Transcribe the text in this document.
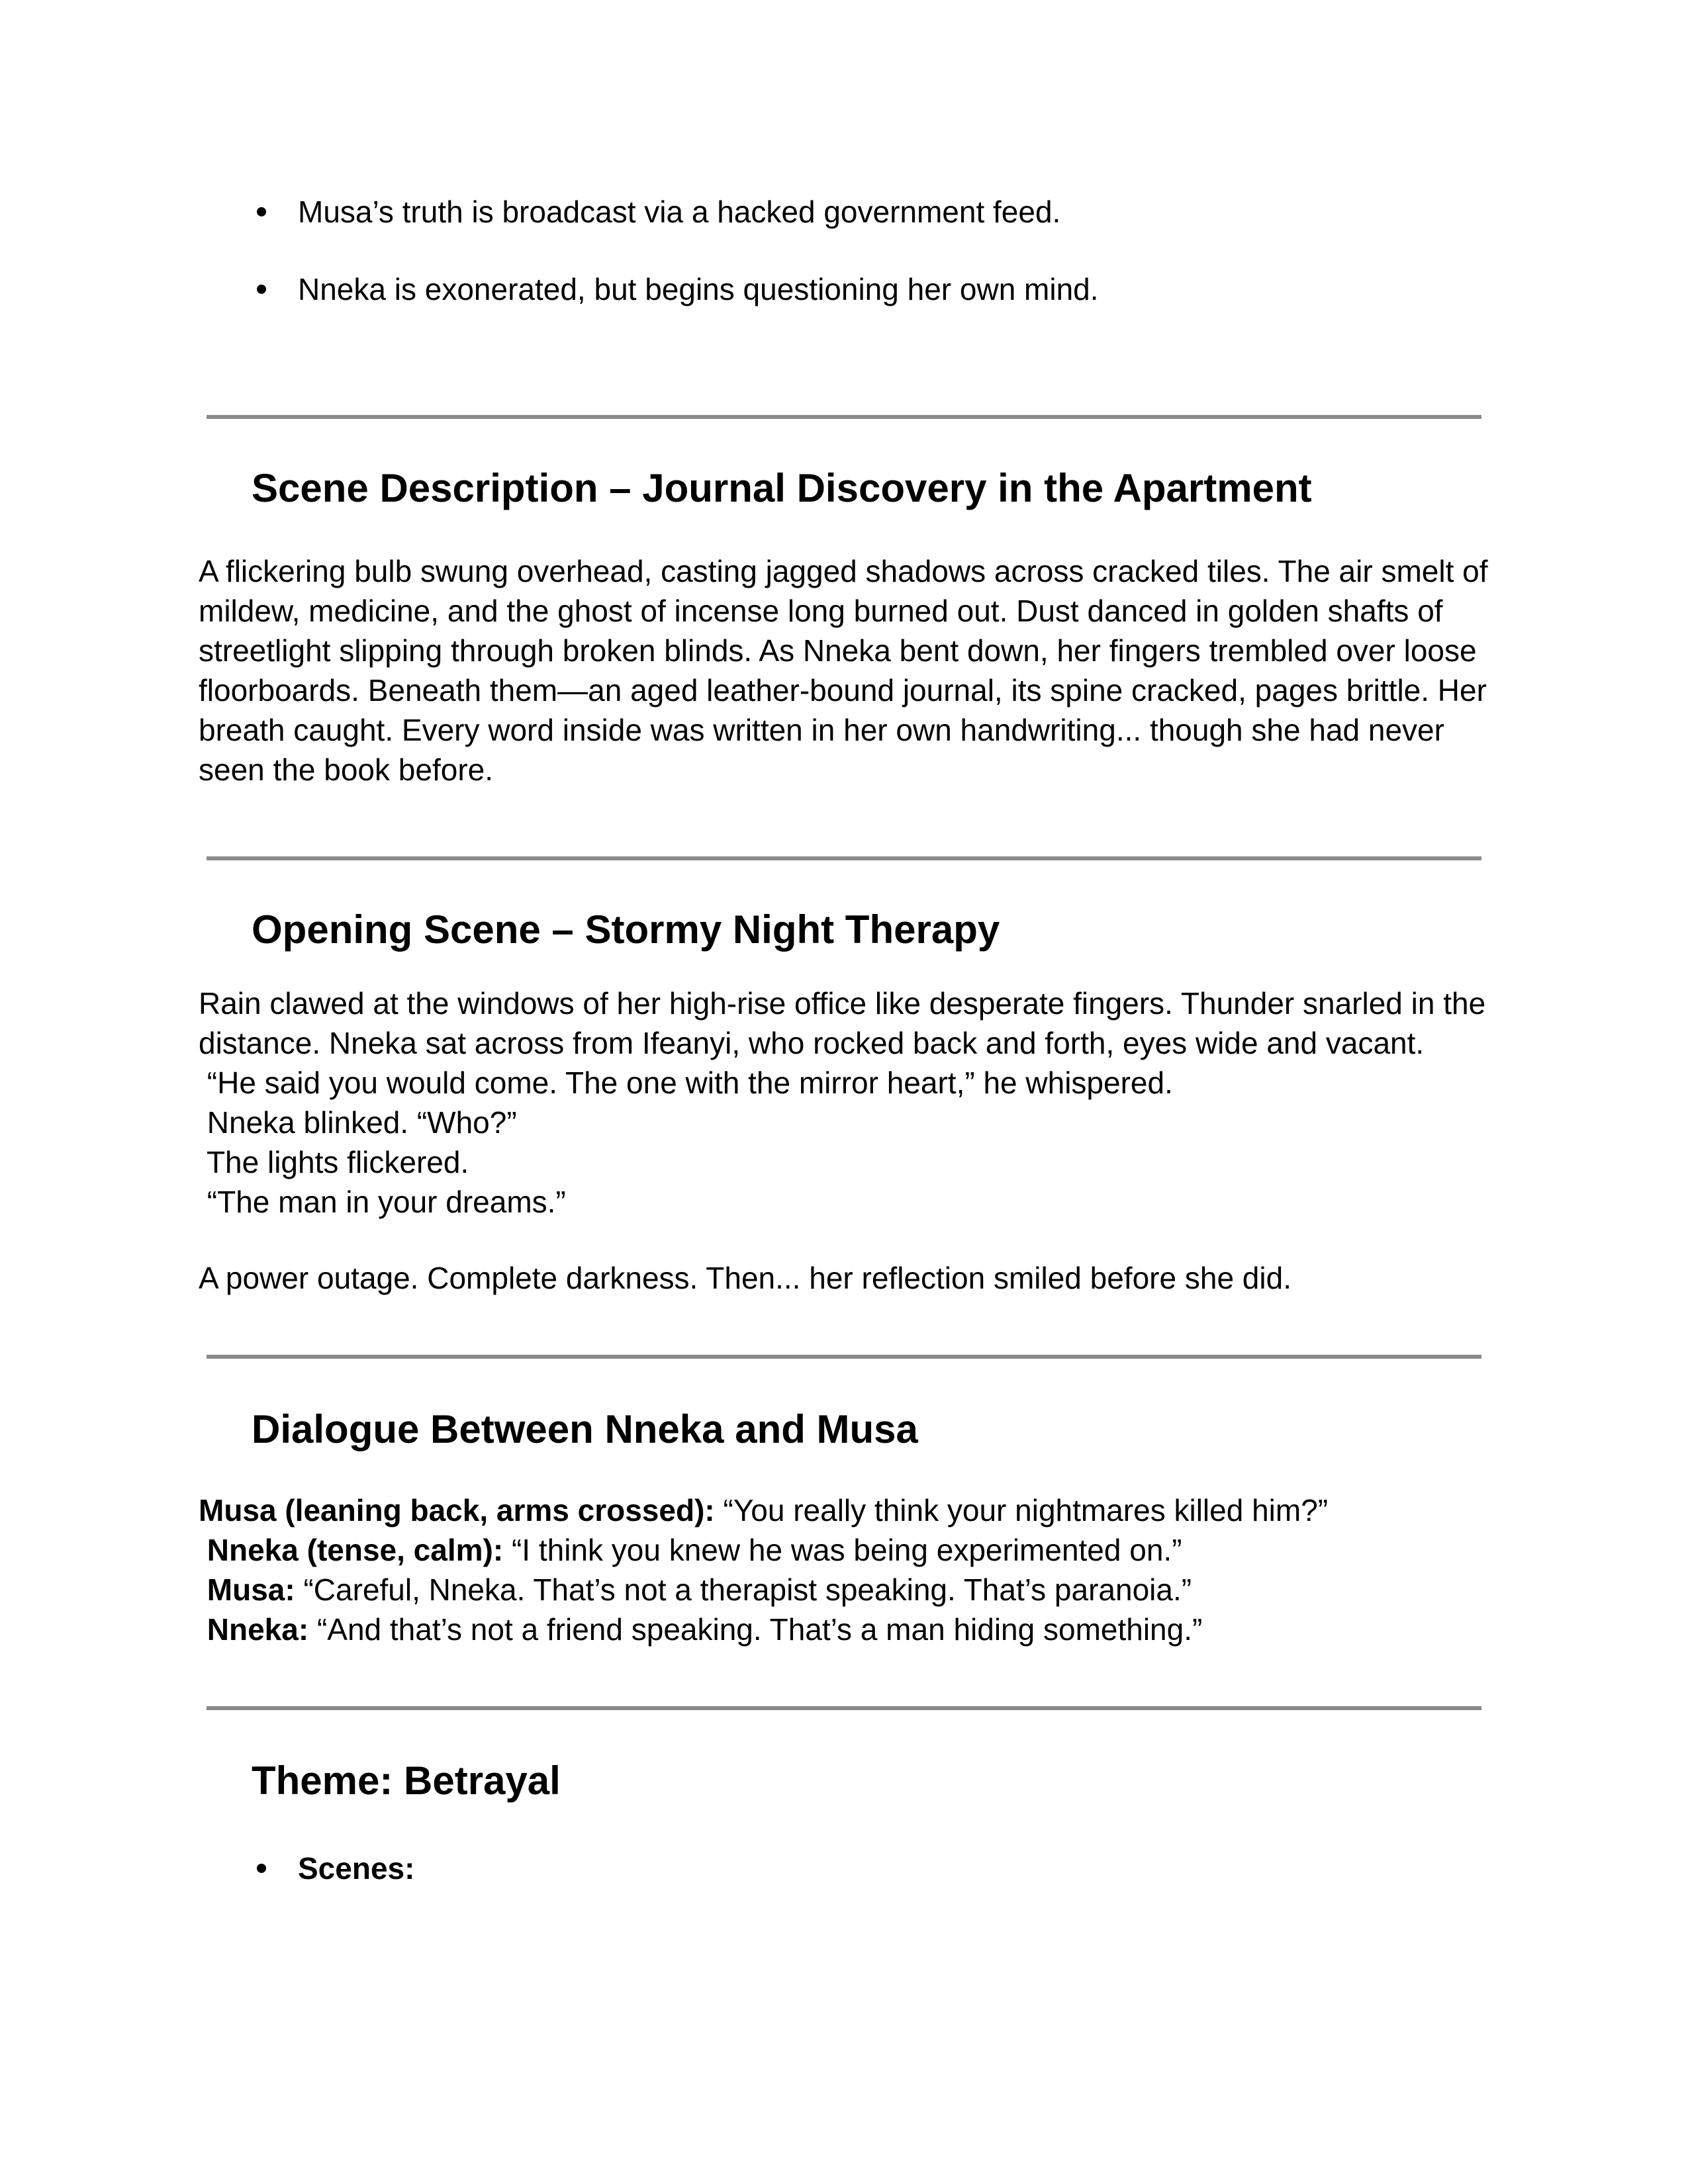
Musa’s truth is broadcast via a hacked government feed.
Nneka is exonerated, but begins questioning her own mind.
Scene Description – Journal Discovery in the Apartment
A flickering bulb swung overhead, casting jagged shadows across cracked tiles. The air smelt of
mildew, medicine, and the ghost of incense long burned out. Dust danced in golden shafts of
streetlight slipping through broken blinds. As Nneka bent down, her fingers trembled over loose
floorboards. Beneath them—an aged leather-bound journal, its spine cracked, pages brittle. Her
breath caught. Every word inside was written in her own handwriting... though she had never
seen the book before.
Opening Scene – Stormy Night Therapy
Rain clawed at the windows of her high-rise office like desperate fingers. Thunder snarled in the
distance. Nneka sat across from Ifeanyi, who rocked back and forth, eyes wide and vacant.
“He said you would come. The one with the mirror heart,” he whispered.
Nneka blinked. “Who?”
The lights flickered.
“The man in your dreams.”
A power outage. Complete darkness. Then... her reflection smiled before she did.
Dialogue Between Nneka and Musa
Musa (leaning back, arms crossed): “You really think your nightmares killed him?”
Nneka (tense, calm): “I think you knew he was being experimented on.”
Musa: “Careful, Nneka. That’s not a therapist speaking. That’s paranoia.”
Nneka: “And that’s not a friend speaking. That’s a man hiding something.”
Theme: Betrayal
Scenes:
